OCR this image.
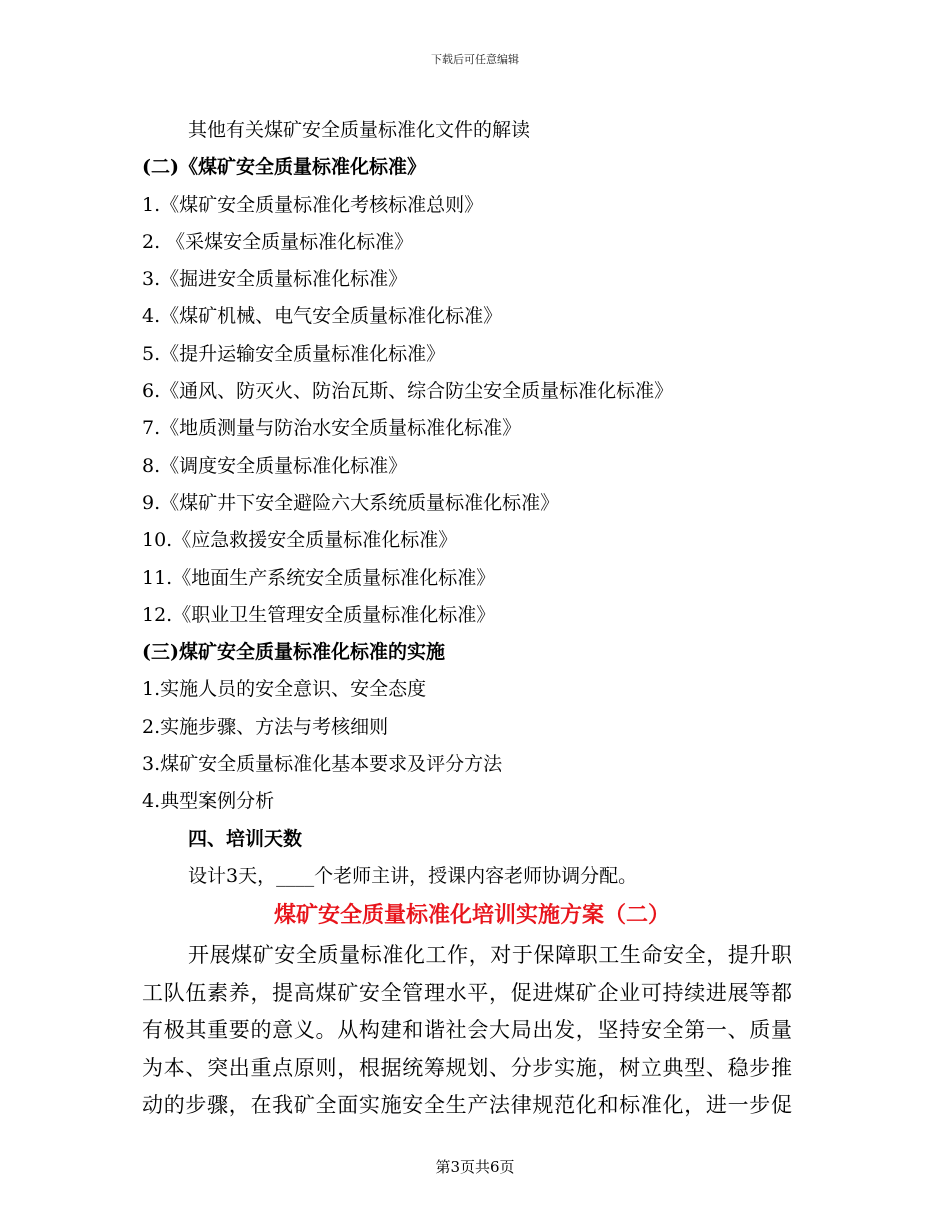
下载后可任意编辑
其他有关煤矿安全质量标准化文件的解读
(二)《煤矿安全质量标准化标准》
1.《煤矿安全质量标准化考核标准总则》
2. 《采煤安全质量标准化标准》
3.《掘进安全质量标准化标准》
4.《煤矿机械、电气安全质量标准化标准》
5.《提升运输安全质量标准化标准》
6.《通风、防灭火、防治瓦斯、综合防尘安全质量标准化标准》
7.《地质测量与防治水安全质量标准化标准》
8.《调度安全质量标准化标准》
9.《煤矿井下安全避险六大系统质量标准化标准》
10.《应急救援安全质量标准化标准》
11.《地面生产系统安全质量标准化标准》
12.《职业卫生管理安全质量标准化标准》
(三)煤矿安全质量标准化标准的实施
1.实施人员的安全意识、安全态度
2.实施步骤、方法与考核细则
3.煤矿安全质量标准化基本要求及评分方法
4.典型案例分析
四、培训天数
设计3天，____个老师主讲，授课内容老师协调分配。
煤矿安全质量标准化培训实施方案（二）
开展煤矿安全质量标准化工作，对于保障职工生命安全，提升职工队伍素养，提高煤矿安全管理水平，促进煤矿企业可持续进展等都有极其重要的意义。从构建和谐社会大局出发，坚持安全第一、质量为本、突出重点原则，根据统筹规划、分步实施，树立典型、稳步推动的步骤，在我矿全面实施安全生产法律规范化和标准化，进一步促
第3页共6页
